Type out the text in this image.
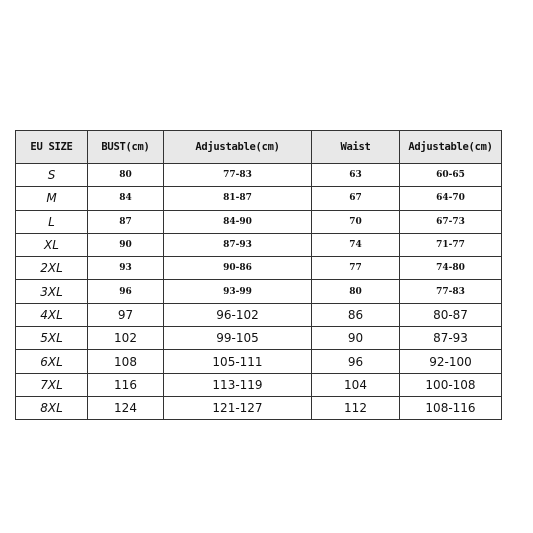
EU SIZE	BUST(cm)	Adjustable(cm)	Waist	Adjustable(cm)
S	80	77-83	63	60-65
M	84	81-87	67	64-70
L	87	84-90	70	67-73
XL	90	87-93	74	71-77
2XL	93	90-86	77	74-80
3XL	96	93-99	80	77-83
4XL	97	96-102	86	80-87
5XL	102	99-105	90	87-93
6XL	108	105-111	96	92-100
7XL	116	113-119	104	100-108
8XL	124	121-127	112	108-116
